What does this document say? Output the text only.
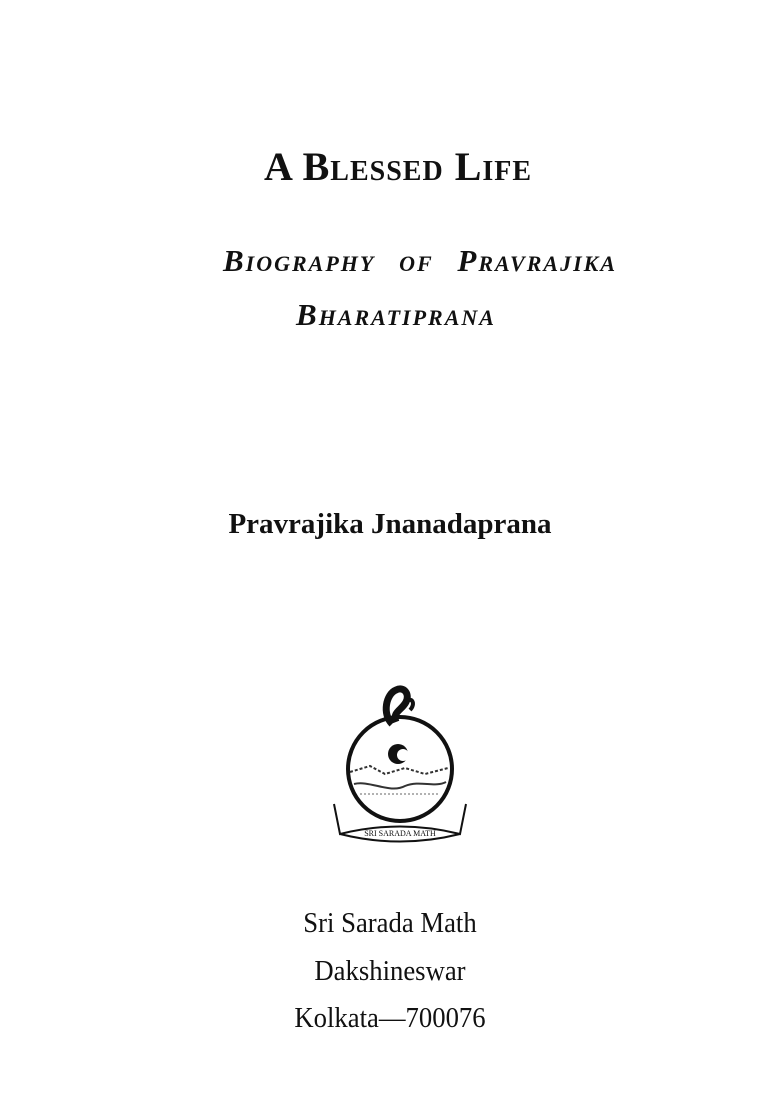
A Blessed Life
Biography of Pravrajika
Bharatiprana
Pravrajika Jnanadaprana
SRI SARADA MATH
Sri Sarada Math
Dakshineswar
Kolkata—700076
